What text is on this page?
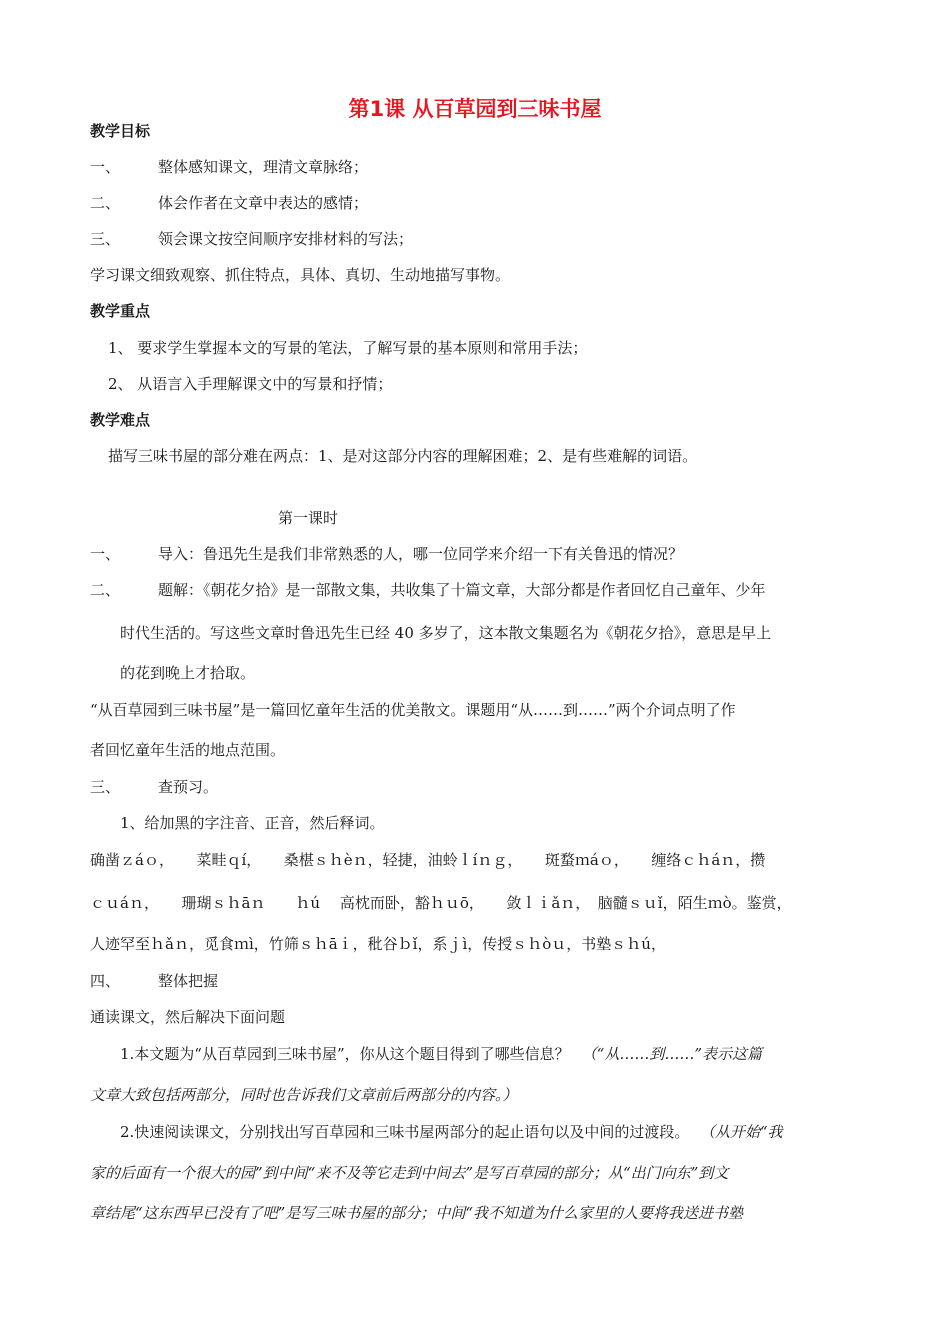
第1课 从百草园到三味书屋
教学目标
一、	整体感知课文，理清文章脉络；
二、	体会作者在文章中表达的感情；
三、	领会课文按空间顺序安排材料的写法；
学习课文细致观察、抓住特点，具体、真切、生动地描写事物。
教学重点
1、 要求学生掌握本文的写景的笔法，了解写景的基本原则和常用手法；
2、 从语言入手理解课文中的写景和抒情；
教学难点
描写三味书屋的部分难在两点：1、是对这部分内容的理解困难；2、是有些难解的词语。
第一课时
一、	导入：鲁迅先生是我们非常熟悉的人，哪一位同学来介绍一下有关鲁迅的情况？
二、	题解：《朝花夕拾》是一部散文集，共收集了十篇文章，大部分都是作者回忆自己童年、少年
时代生活的。写这些文章时鲁迅先生已经 40 多岁了，这本散文集题名为《朝花夕拾》，意思是早上
的花到晚上才拾取。
“从百草园到三味书屋”是一篇回忆童年生活的优美散文。课题用“从……到……”两个介词点明了作
者回忆童年生活的地点范围。
三、	查预习。
1、给加黑的字注音、正音，然后释词。
确凿ｚáｏ，　　菜畦ｑí，　　桑椹ｓｈèｎ，轻捷，油蛉ｌíｎｇ，　　斑蝥ｍáｏ，　　缠络ｃｈáｎ，攒
ｃｕáｎ，　　珊瑚ｓｈāｎ　　ｈú　 高枕而卧，豁ｈｕō，　　敛ｌｉǎｎ，　脑髓ｓｕǐ，陌生ｍò。鉴赏，
人迹罕至ｈǎｎ，觅食ｍì，竹筛ｓｈāｉ，秕谷ｂǐ，系ｊì，传授ｓｈòｕ，书塾ｓｈú，
四、	整体把握
通读课文，然后解决下面问题
1.本文题为“从百草园到三味书屋”，你从这个题目得到了哪些信息？ （“从……到……”表示这篇
文章大致包括两部分，同时也告诉我们文章前后两部分的内容。）
2.快速阅读课文，分别找出写百草园和三味书屋两部分的起止语句以及中间的过渡段。 （从开始“我
家的后面有一个很大的园”到中间“来不及等它走到中间去”是写百草园的部分；从“出门向东”到文
章结尾“这东西早已没有了吧”是写三味书屋的部分；中间“我不知道为什么家里的人要将我送进书塾
